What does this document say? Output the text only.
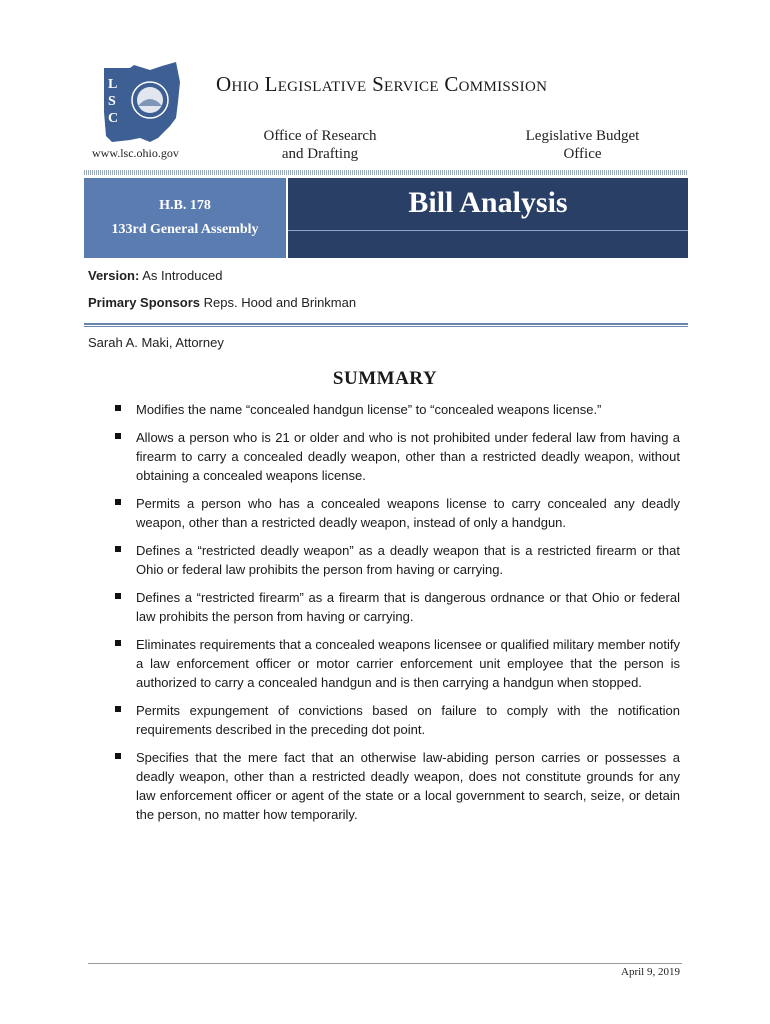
L
S
C
www.lsc.ohio.gov
Ohio Legislative Service Commission
Office of Research
and Drafting
Legislative Budget
Office
H.B. 178
133rd General Assembly
Bill Analysis
Version: As Introduced
Primary Sponsors Reps. Hood and Brinkman
Sarah A. Maki, Attorney
SUMMARY
Modifies the name “concealed handgun license” to “concealed weapons license.”
Allows a person who is 21 or older and who is not prohibited under federal law from having a firearm to carry a concealed deadly weapon, other than a restricted deadly weapon, without obtaining a concealed weapons license.
Permits a person who has a concealed weapons license to carry concealed any deadly weapon, other than a restricted deadly weapon, instead of only a handgun.
Defines a “restricted deadly weapon” as a deadly weapon that is a restricted firearm or that Ohio or federal law prohibits the person from having or carrying.
Defines a “restricted firearm” as a firearm that is dangerous ordnance or that Ohio or federal law prohibits the person from having or carrying.
Eliminates requirements that a concealed weapons licensee or qualified military member notify a law enforcement officer or motor carrier enforcement unit employee that the person is authorized to carry a concealed handgun and is then carrying a handgun when stopped.
Permits expungement of convictions based on failure to comply with the notification requirements described in the preceding dot point.
Specifies that the mere fact that an otherwise law-abiding person carries or possesses a deadly weapon, other than a restricted deadly weapon, does not constitute grounds for any law enforcement officer or agent of the state or a local government to search, seize, or detain the person, no matter how temporarily.
April 9, 2019
